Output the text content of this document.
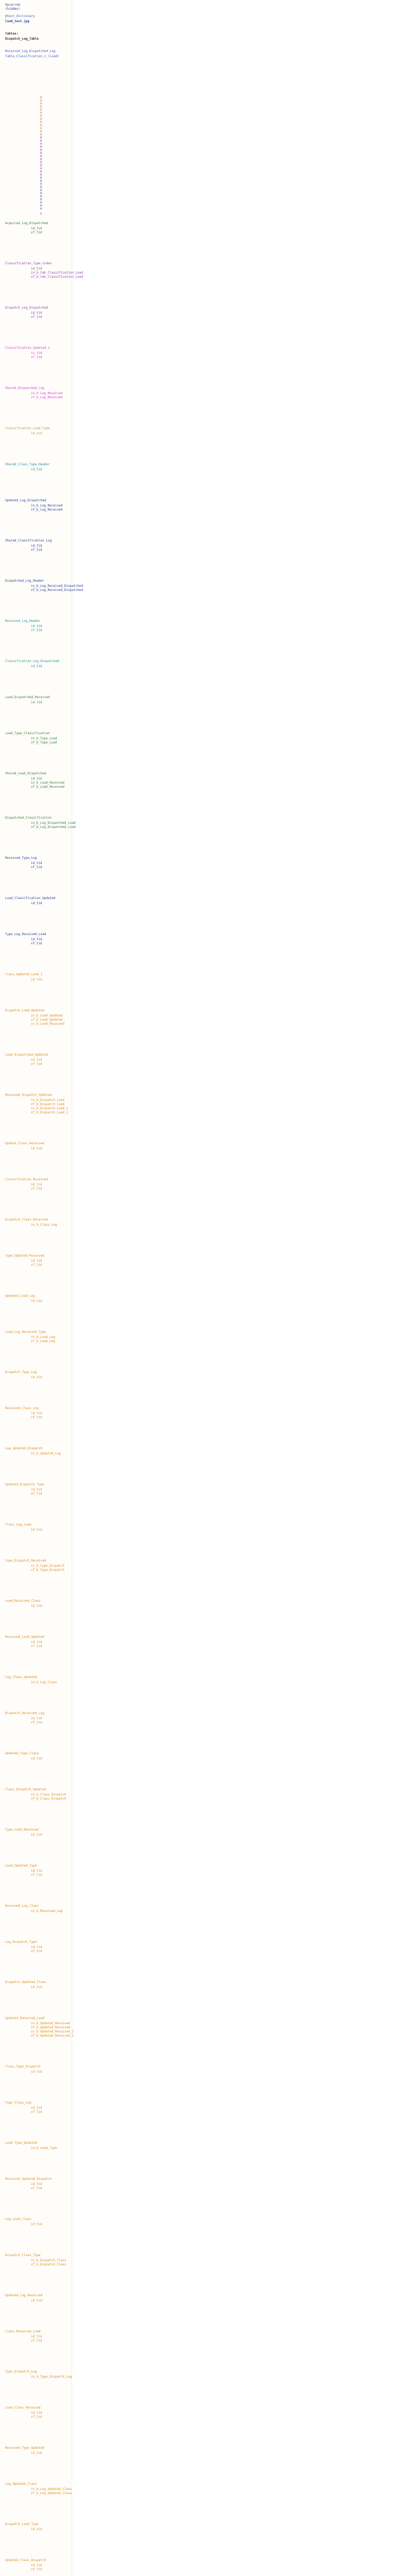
hpcarrom
(hidden)
@test_dictionary
load_test.jpg
Tables:
Dispatch_Log_Table
Received_Log_Dispatched_Log
Table_Classification_1_(Load)
H
H
H
H
H
H
H
H
H
H
H
H
H
H
H
H
H
H
H
H
H
H
H
H
H
H
H
H
H
H
H
H
H
H
H
H
H
0
Acquired_Log_Dispatched
id_tid
xf_tid
Classification_Type_Codes
id_tid
in_b_tab_Classification_Load
xf_b_tab_Classification_Load
Dispatch_Log_Dispatched
id_tid
xf_tid
Classification_Updated_1
in_tid
xf_tid
Shared_Dispatched_Log
in_b_Log_Received
xf_b_Log_Received
Classification_Load_Type
id_tid
Shared_Class_Type_Header
id_tid
Updated_Log_Dispatched
in_b_Log_Received
xf_b_Log_Received
Shared_Classification_Log
id_tid
xf_tid
Dispatched_Log_Header
in_b_Log_Received_Dispatched
xf_b_Log_Received_Dispatched
Received_Log_Header
id_tid
xf_tid
Classification_Log_Dispatched
id_tid
Load_Dispatched_Received
id_tid
Load_Type_Classification
in_b_Type_Load
xf_b_Type_Load
Shared_Load_Dispatched
id_tid
in_b_Load_Received
xf_b_Load_Received
Dispatched_Classification
in_b_Log_Dispatched_Load
xf_b_Log_Dispatched_Load
Received_Type_Log
id_tid
xf_tid
Load_Classification_Updated
id_tid
Type_Log_Received_Load
id_tid
xf_tid
Class_Updated_Load_1
id_tid
Dispatch_Load_Updated
in_b_Load_Updated
xf_b_Load_Updated
in_b_Load_Received
Load_Dispatched_Updated
id_tid
xf_tid
Received_Dispatch_Updated
in_b_Dispatch_Load
xf_b_Dispatch_Load
in_b_Dispatch_Load_2
xf_b_Dispatch_Load_2
Update_Class_Received
id_tid
Classification_Received
id_tid
xf_tid
Dispatch_Class_Received
in_b_Class_Log
Type_Updated_Received
id_tid
xf_tid
Updated_Load_Log
id_tid
Load_Log_Received_Type
in_b_Load_Log
xf_b_Load_Log
Dispatch_Type_Log
id_tid
Received_Class_Log
id_tid
xf_tid
Log_Updated_Dispatch
in_b_Updated_Log
Updated_Dispatch_Type
id_tid
xf_tid
Class_Log_Load
id_tid
Type_Dispatch_Received
in_b_Type_Dispatch
xf_b_Type_Dispatch
Load_Received_Class
id_tid
Received_Load_Updated
id_tid
xf_tid
Log_Class_Updated
in_b_Log_Class
Dispatch_Received_Log
id_tid
xf_tid
Updated_Type_Class
id_tid
Class_Dispatch_Updated
in_b_Class_Dispatch
xf_b_Class_Dispatch
Type_Load_Received
id_tid
Load_Updated_Type
id_tid
xf_tid
Received_Log_Class
in_b_Received_Log
Log_Dispatch_Type
id_tid
xf_tid
Dispatch_Updated_Class
id_tid
Updated_Received_Load
in_b_Updated_Received
xf_b_Updated_Received
in_b_Updated_Received_2
xf_b_Updated_Received_2
Class_Type_Dispatch
id_tid
Type_Class_Log
id_tid
xf_tid
Load_Type_Updated
in_b_Load_Type
Received_Updated_Dispatch
id_tid
xf_tid
Log_Load_Class
id_tid
Dispatch_Class_Type
in_b_Dispatch_Class
xf_b_Dispatch_Class
Updated_Log_Received
id_tid
Class_Received_Load
id_tid
xf_tid
Type_Dispatch_Log
in_b_Type_Dispatch_Log
Load_Class_Received
id_tid
xf_tid
Received_Type_Updated
id_tid
Log_Updated_Class
in_b_Log_Updated_Class
xf_b_Log_Updated_Class
Dispatch_Load_Type
id_tid
Updated_Class_Dispatch
id_tid
xf_tid
